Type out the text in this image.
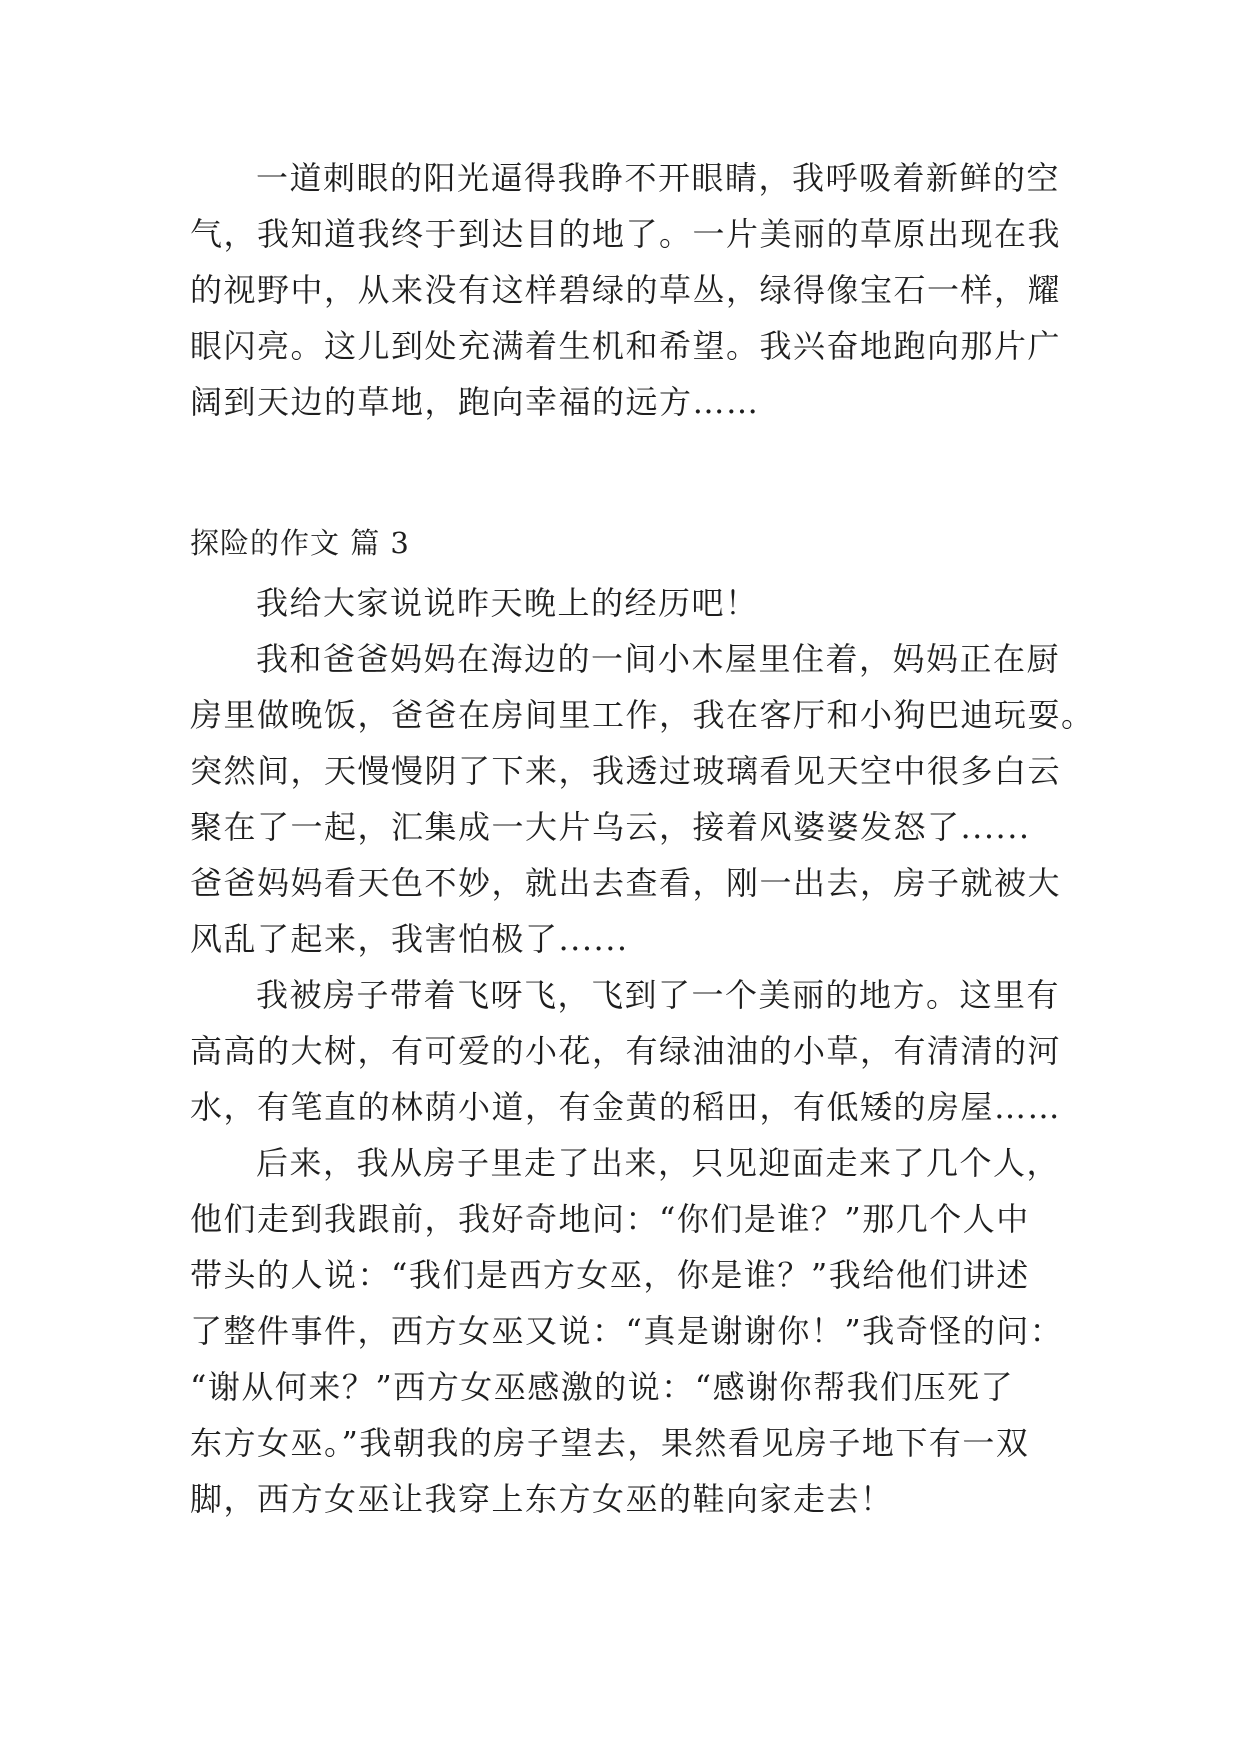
一道刺眼的阳光逼得我睁不开眼睛，我呼吸着新鲜的空
气，我知道我终于到达目的地了。一片美丽的草原出现在我
的视野中，从来没有这样碧绿的草丛，绿得像宝石一样，耀
眼闪亮。这儿到处充满着生机和希望。我兴奋地跑向那片广
阔到天边的草地，跑向幸福的远方……
探险的作文 篇 3
我给大家说说昨天晚上的经历吧！
我和爸爸妈妈在海边的一间小木屋里住着，妈妈正在厨
房里做晚饭，爸爸在房间里工作，我在客厅和小狗巴迪玩耍。
突然间，天慢慢阴了下来，我透过玻璃看见天空中很多白云
聚在了一起，汇集成一大片乌云，接着风婆婆发怒了......
爸爸妈妈看天色不妙，就出去查看，刚一出去，房子就被大
风乱了起来，我害怕极了......
我被房子带着飞呀飞，飞到了一个美丽的地方。这里有
高高的大树，有可爱的小花，有绿油油的小草，有清清的河
水，有笔直的林荫小道，有金黄的稻田，有低矮的房屋……
后来，我从房子里走了出来，只见迎面走来了几个人，
他们走到我跟前，我好奇地问：“你们是谁？”那几个人中
带头的人说：“我们是西方女巫，你是谁？”我给他们讲述
了整件事件，西方女巫又说：“真是谢谢你！”我奇怪的问：
“谢从何来？”西方女巫感激的说：“感谢你帮我们压死了
东方女巫。”我朝我的房子望去，果然看见房子地下有一双
脚，西方女巫让我穿上东方女巫的鞋向家走去！
